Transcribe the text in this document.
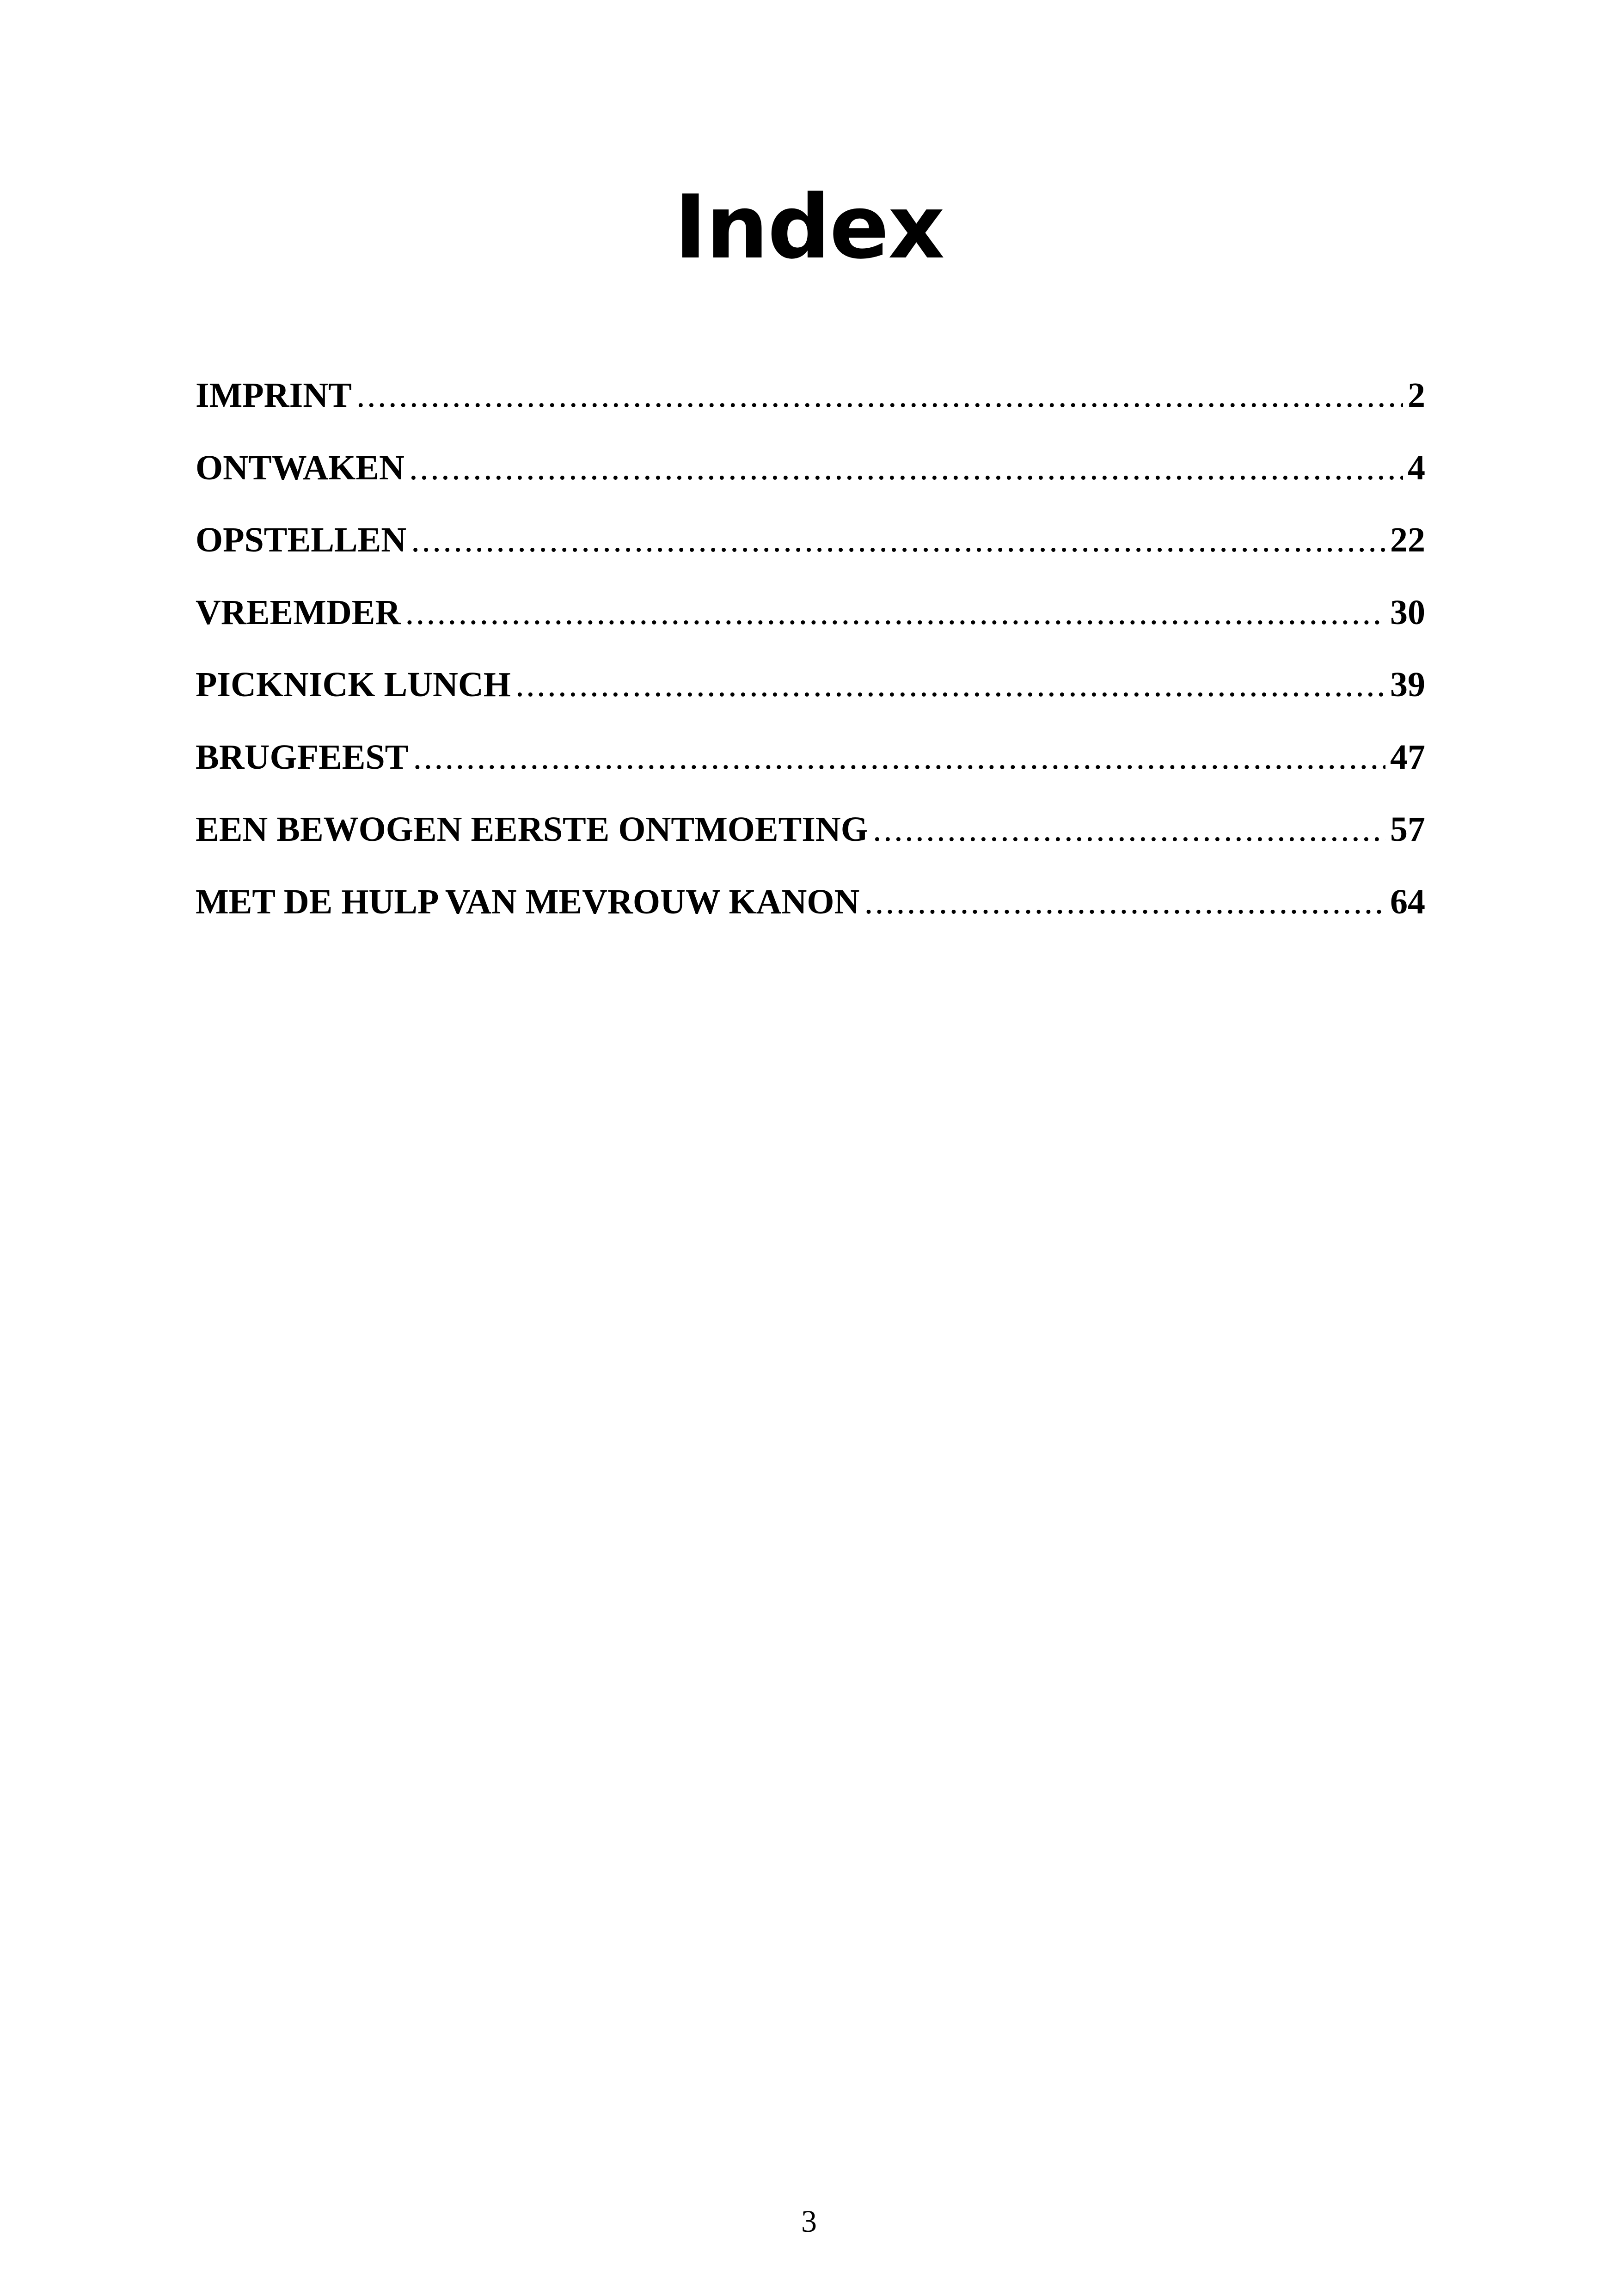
Index
IMPRINT .....	2
ONTWAKEN .....	4
OPSTELLEN .....	22
VREEMDER .....	30
PICKNICK LUNCH .....	39
BRUGFEEST .....	47
EEN BEWOGEN EERSTE ONTMOETING .....	57
MET DE HULP VAN MEVROUW KANON .....	64
3
